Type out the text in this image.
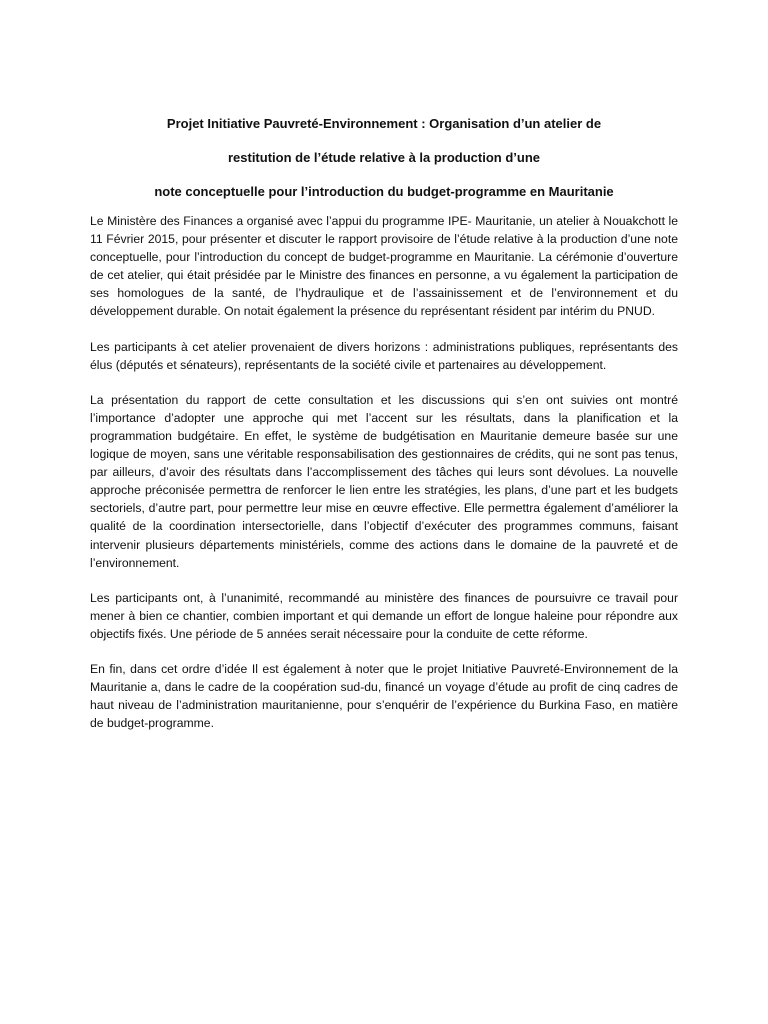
Projet Initiative Pauvreté-Environnement : Organisation d’un atelier de
restitution de l’étude relative à la production d’une
note conceptuelle pour l’introduction du budget-programme en Mauritanie

Le Ministère des Finances a organisé avec l’appui du programme IPE- Mauritanie, un atelier à Nouakchott le 11 Février 2015, pour présenter et discuter le rapport provisoire de l’étude relative à la production d’une note conceptuelle, pour l’introduction du concept de budget-programme en Mauritanie. La cérémonie d’ouverture de cet atelier, qui était présidée par le Ministre des finances en personne, a vu également la participation de ses homologues de la santé, de l’hydraulique et de l’assainissement et de l’environnement et du développement durable. On notait également la présence du représentant résident par intérim du PNUD.

Les participants à cet atelier provenaient de divers horizons : administrations publiques, représentants des élus (députés et sénateurs), représentants de la société civile et partenaires au développement.

La présentation du rapport de cette consultation et les discussions qui s’en ont suivies ont montré l’importance d’adopter une approche qui met l’accent sur les résultats, dans la planification et la programmation budgétaire. En effet, le système de budgétisation en Mauritanie demeure basée sur une logique de moyen, sans une véritable responsabilisation des gestionnaires de crédits, qui ne sont pas tenus, par ailleurs, d’avoir des résultats dans l’accomplissement des tâches qui leurs sont dévolues. La nouvelle approche préconisée permettra de renforcer le lien entre les stratégies, les plans, d’une part et les budgets sectoriels, d’autre part, pour permettre leur mise en œuvre effective. Elle permettra également d’améliorer la qualité de la coordination intersectorielle, dans l’objectif d’exécuter des programmes communs, faisant intervenir plusieurs départements ministériels, comme des actions dans le domaine de la pauvreté et de l’environnement.

Les participants ont, à l’unanimité, recommandé au ministère des finances de poursuivre ce travail pour mener à bien ce chantier, combien important et qui demande un effort de longue haleine pour répondre aux objectifs fixés. Une période de 5 années serait nécessaire pour la conduite de cette réforme.

En fin, dans cet ordre d’idée Il est également à noter que le projet Initiative Pauvreté-Environnement de la Mauritanie a, dans le cadre de la coopération sud-du, financé un voyage d’étude au profit de cinq cadres de haut niveau de l’administration mauritanienne, pour s’enquérir de l’expérience du Burkina Faso, en matière de budget-programme.
